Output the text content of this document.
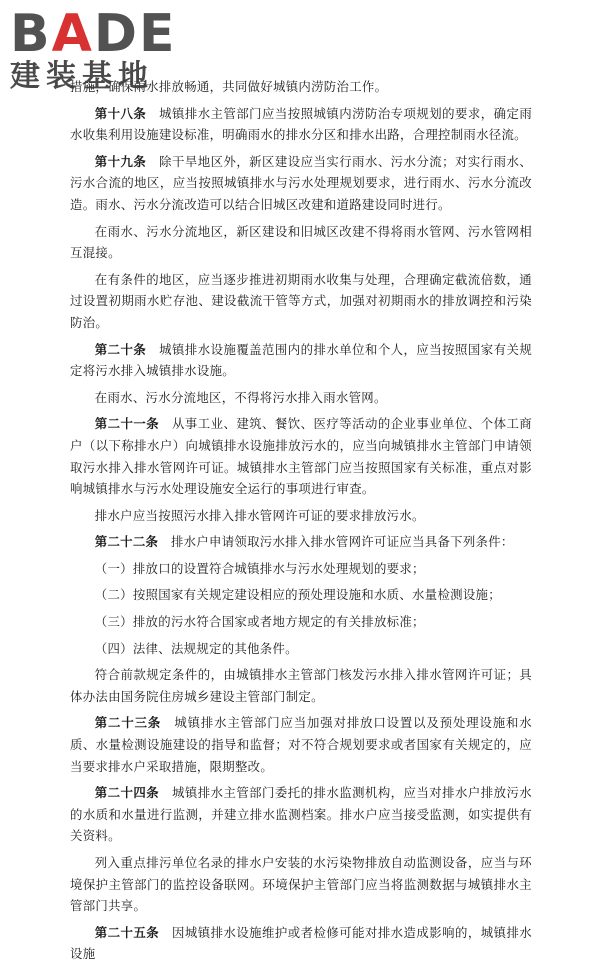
BADE
建装基地

措施，确保雨水排放畅通，共同做好城镇内涝防治工作。

第十八条　 城镇排水主管部门应当按照城镇内涝防治专项规划的要求，确定雨水收集利用设施建设标准，明确雨水的排水分区和排水出路，合理控制雨水径流。

第十九条　 除干旱地区外，新区建设应当实行雨水、污水分流；对实行雨水、污水合流的地区，应当按照城镇排水与污水处理规划要求，进行雨水、污水分流改造。雨水、污水分流改造可以结合旧城区改建和道路建设同时进行。

在雨水、污水分流地区，新区建设和旧城区改建不得将雨水管网、污水管网相互混接。

在有条件的地区，应当逐步推进初期雨水收集与处理，合理确定截流倍数，通过设置初期雨水贮存池、建设截流干管等方式，加强对初期雨水的排放调控和污染防治。

第二十条　 城镇排水设施覆盖范围内的排水单位和个人，应当按照国家有关规定将污水排入城镇排水设施。

在雨水、污水分流地区，不得将污水排入雨水管网。

第二十一条　 从事工业、建筑、餐饮、医疗等活动的企业事业单位、个体工商户（以下称排水户）向城镇排水设施排放污水的，应当向城镇排水主管部门申请领取污水排入排水管网许可证。城镇排水主管部门应当按照国家有关标准，重点对影响城镇排水与污水处理设施安全运行的事项进行审查。

排水户应当按照污水排入排水管网许可证的要求排放污水。

第二十二条　 排水户申请领取污水排入排水管网许可证应当具备下列条件：

（一）排放口的设置符合城镇排水与污水处理规划的要求；

（二）按照国家有关规定建设相应的预处理设施和水质、水量检测设施；

（三）排放的污水符合国家或者地方规定的有关排放标准；

（四）法律、法规规定的其他条件。

符合前款规定条件的，由城镇排水主管部门核发污水排入排水管网许可证；具体办法由国务院住房城乡建设主管部门制定。

第二十三条　 城镇排水主管部门应当加强对排放口设置以及预处理设施和水质、水量检测设施建设的指导和监督；对不符合规划要求或者国家有关规定的，应当要求排水户采取措施，限期整改。

第二十四条　 城镇排水主管部门委托的排水监测机构，应当对排水户排放污水的水质和水量进行监测，并建立排水监测档案。排水户应当接受监测，如实提供有关资料。

列入重点排污单位名录的排水户安装的水污染物排放自动监测设备，应当与环境保护主管部门的监控设备联网。环境保护主管部门应当将监测数据与城镇排水主管部门共享。

第二十五条　 因城镇排水设施维护或者检修可能对排水造成影响的，城镇排水设施
